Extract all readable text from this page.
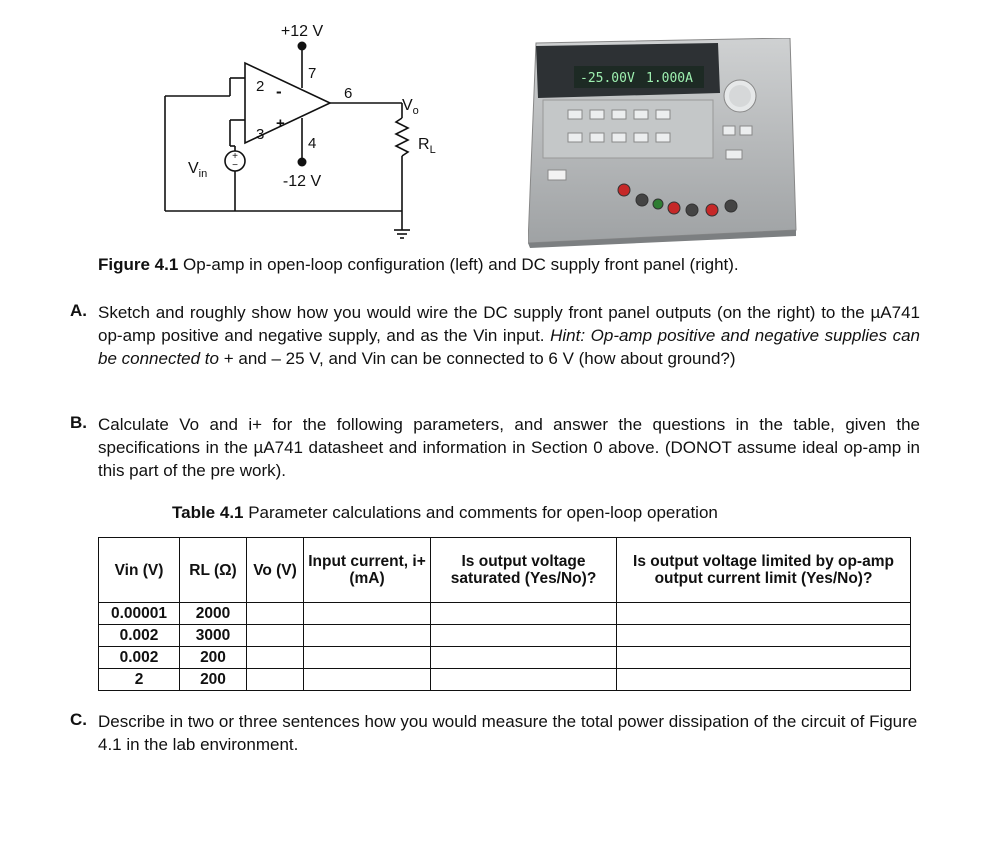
+
−
+12 V
-12 V
2
3
4
6
7
-
+
$V_{in}$
$V_o$
$R_L$
-25.00V 1.000A
Figure 4.1 Op-amp in open-loop configuration (left) and DC supply front panel (right).
A. Sketch and roughly show how you would wire the DC supply front panel outputs (on the right) to the µA741 op-amp positive and negative supply, and as the Vin input. Hint: Op-amp positive and negative supplies can be connected to + and – 25 V, and Vin can be connected to 6 V (how about ground?)
B. Calculate Vo and i+ for the following parameters, and answer the questions in the table, given the specifications in the µA741 datasheet and information in Section 0 above. (DONOT assume ideal op-amp in this part of the pre work).
Table 4.1 Parameter calculations and comments for open-loop operation
Vin (V)	RL (Ω)	Vo (V)	Input current, i+ (mA)	Is output voltage saturated (Yes/No)?	Is output voltage limited by op-amp output current limit (Yes/No)?
0.00001	2000				
0.002	3000				
0.002	200				
2	200				
C. Describe in two or three sentences how you would measure the total power dissipation of the circuit of Figure 4.1 in the lab environment.
